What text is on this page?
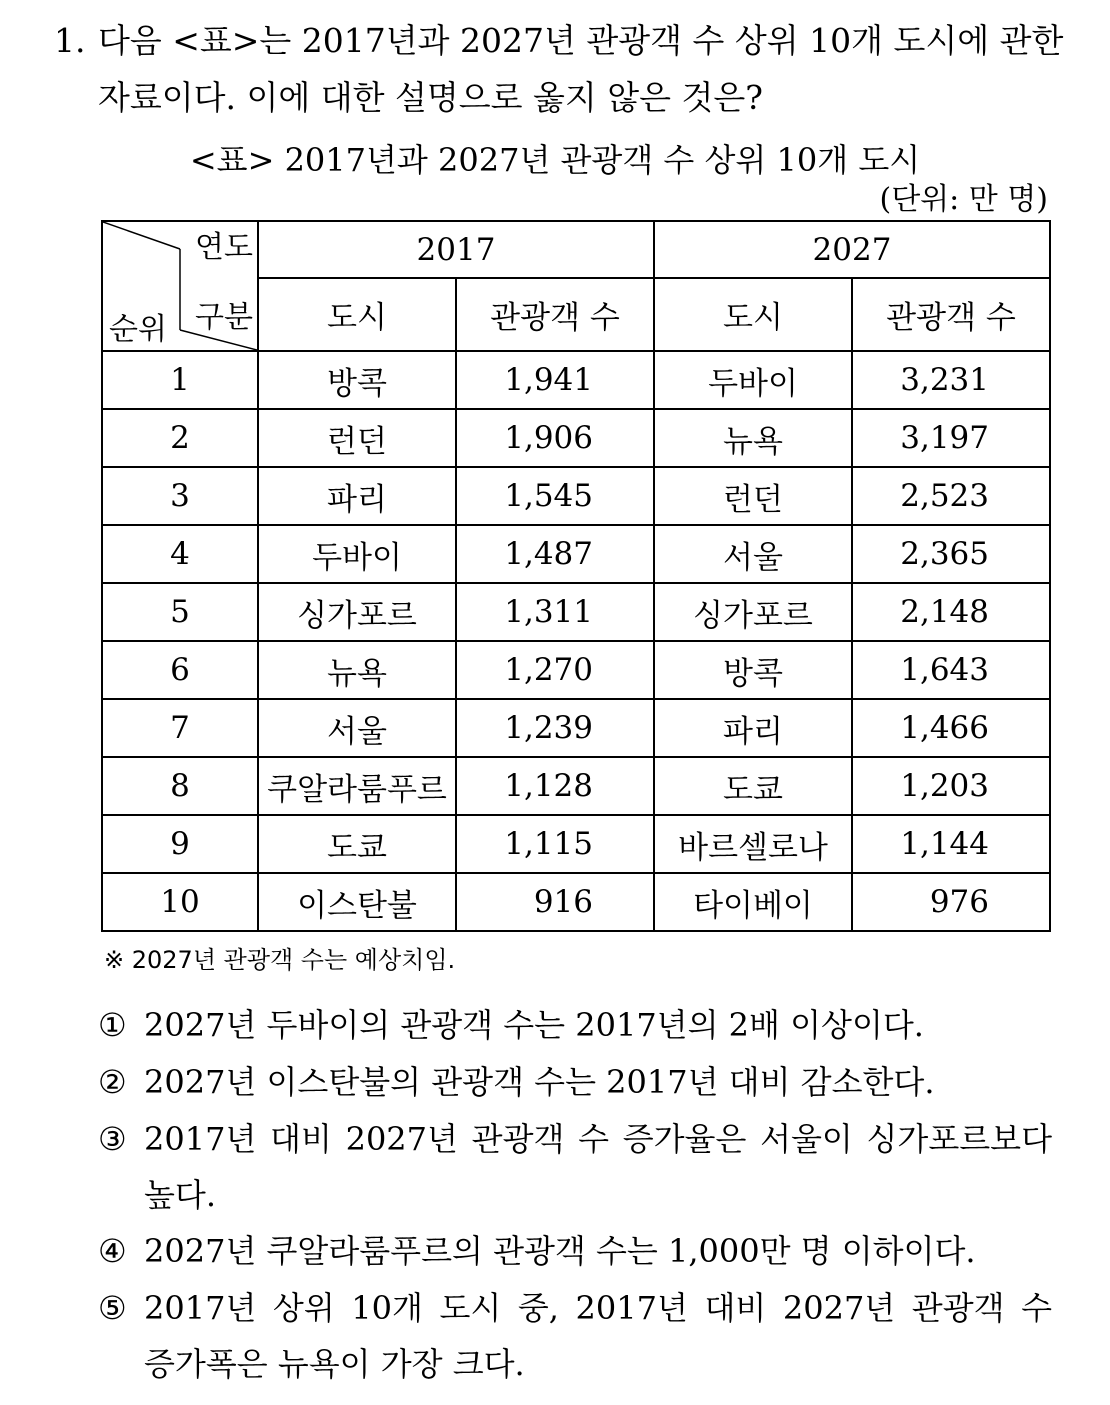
1. 다음 <표>는 2017년과 2027년 관광객 수 상위 10개 도시에 관한
자료이다. 이에 대한 설명으로 옳지 않은 것은?
<표> 2017년과 2027년 관광객 수 상위 10개 도시
(단위: 만 명)
연도
구분
순위	2017		2027	
	도시	관광객 수	도시	관광객 수
1	방콕	1,941	두바이	3,231
2	런던	1,906	뉴욕	3,197
3	파리	1,545	런던	2,523
4	두바이	1,487	서울	2,365
5	싱가포르	1,311	싱가포르	2,148
6	뉴욕	1,270	방콕	1,643
7	서울	1,239	파리	1,466
8	쿠알라룸푸르	1,128	도쿄	1,203
9	도쿄	1,115	바르셀로나	1,144
10	이스탄불	916	타이베이	976
※ 2027년 관광객 수는 예상치임.
① 2027년 두바이의 관광객 수는 2017년의 2배 이상이다.
② 2027년 이스탄불의 관광객 수는 2017년 대비 감소한다.
③ 2017년 대비 2027년 관광객 수 증가율은 서울이 싱가포르보다
높다.
④ 2027년 쿠알라룸푸르의 관광객 수는 1,000만 명 이하이다.
⑤ 2017년 상위 10개 도시 중, 2017년 대비 2027년 관광객 수
증가폭은 뉴욕이 가장 크다.
